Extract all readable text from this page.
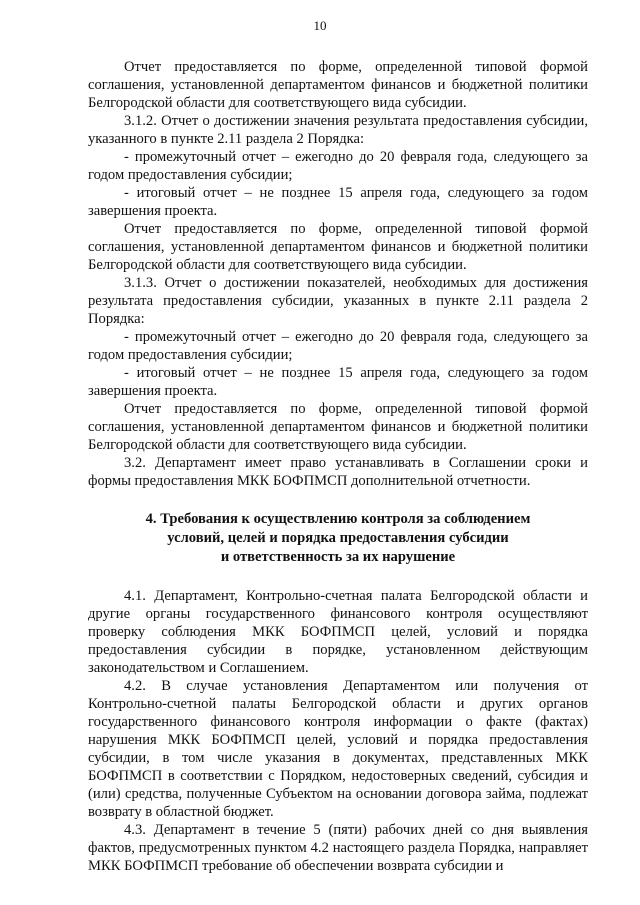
10

Отчет предоставляется по форме, определенной типовой формой соглашения, установленной департаментом финансов и бюджетной политики Белгородской области для соответствующего вида субсидии.

3.1.2. Отчет о достижении значения результата предоставления субсидии, указанного в пункте 2.11 раздела 2 Порядка:

- промежуточный отчет – ежегодно до 20 февраля года, следующего за годом предоставления субсидии;

- итоговый отчет – не позднее 15 апреля года, следующего за годом завершения проекта.

Отчет предоставляется по форме, определенной типовой формой соглашения, установленной департаментом финансов и бюджетной политики Белгородской области для соответствующего вида субсидии.

3.1.3. Отчет о достижении показателей, необходимых для достижения результата предоставления субсидии, указанных в пункте 2.11 раздела 2 Порядка:

- промежуточный отчет – ежегодно до 20 февраля года, следующего за годом предоставления субсидии;

- итоговый отчет – не позднее 15 апреля года, следующего за годом завершения проекта.

Отчет предоставляется по форме, определенной типовой формой соглашения, установленной департаментом финансов и бюджетной политики Белгородской области для соответствующего вида субсидии.

3.2. Департамент имеет право устанавливать в Соглашении сроки и формы предоставления МКК БОФПМСП дополнительной отчетности.

4. Требования к осуществлению контроля за соблюдением
условий, целей и порядка предоставления субсидии
и ответственность за их нарушение

4.1. Департамент, Контрольно-счетная палата Белгородской области и другие органы государственного финансового контроля осуществляют проверку соблюдения МКК БОФПМСП целей, условий и порядка предоставления субсидии в порядке, установленном действующим законодательством и Соглашением.

4.2. В случае установления Департаментом или получения от Контрольно-счетной палаты Белгородской области и других органов государственного финансового контроля информации о факте (фактах) нарушения МКК БОФПМСП целей, условий и порядка предоставления субсидии, в том числе указания в документах, представленных МКК БОФПМСП в соответствии с Порядком, недостоверных сведений, субсидия и (или) средства, полученные Субъектом на основании договора займа, подлежат возврату в областной бюджет.

4.3. Департамент в течение 5 (пяти) рабочих дней со дня выявления фактов, предусмотренных пунктом 4.2 настоящего раздела Порядка, направляет МКК БОФПМСП требование об обеспечении возврата субсидии и
